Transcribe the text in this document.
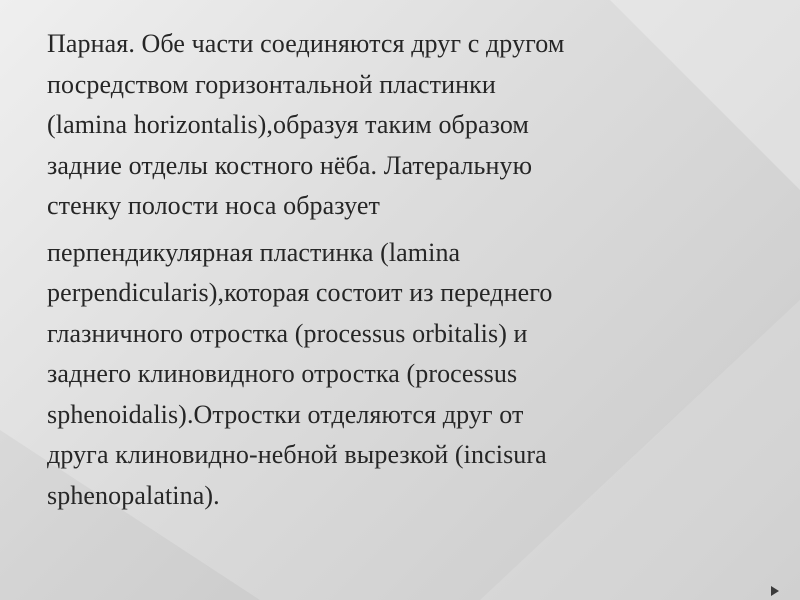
Парная. Обе части соединяются друг с другом
посредством горизонтальной пластинки
(lamina horizontalis),образуя таким образом
задние отделы костного нёба. Латеральную
стенку полости носа образует

перпендикулярная пластинка (lamina
perpendicularis),которая состоит из переднего
глазничного отростка (processus orbitalis) и
заднего клиновидного отростка (processus
sphenoidalis).Отростки отделяются друг от
друга клиновидно-небной вырезкой (incisura
sphenopalatina).
